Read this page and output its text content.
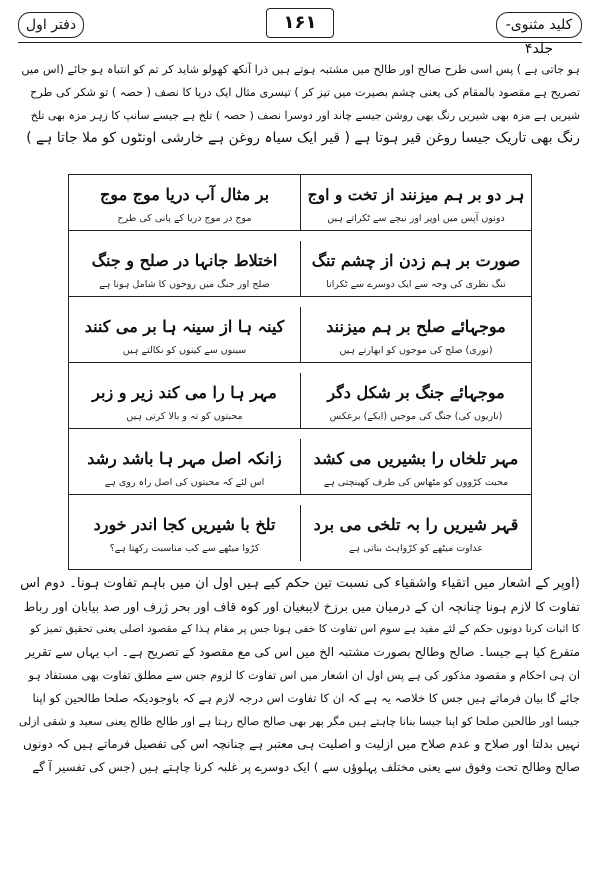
کلید مثنوی- جلد۴
۱۶۱
دفتر اول

ہو جاتی ہے ) پس اسی طرح صالح اور طالح میں مشتبہ ہوتے ہیں ذرا آنکھ کھولو شاید کر تم کو انتباہ ہو جائے (اس میں

تصریح ہے مقصود بالمقام کی یعنی چشم بصیرت میں تیز کر ) تیسری مثال ایک دریا کا نصف ( حصہ ) تو شکر کی طرح

شیریں ہے مزہ بھی شیریں رنگ بھی روشن جیسے چاند اور دوسرا نصف ( حصہ ) تلخ ہے جیسے سانپ کا زہر مزہ بھی تلخ

رنگ بھی تاریک جیسا روغن قیر ہوتا ہے ( قیر ایک سیاہ روغن ہے خارشی اونٹوں کو ملا جاتا ہے )

ہر دو بر ہم میزنند از تخت و اوج
دونوں آپس میں اوپر اور نیچے سے ٹکراتے ہیں
بر مثال آب دریا موج موج
موج در موج دریا کے پانی کی طرح
صورت بر ہم زدن از چشم تنگ
تنگ نظری کی وجہ سے ایک دوسرے سے ٹکرانا
اختلاط جانہا در صلح و جنگ
صلح اور جنگ میں روحوں کا شامل ہونا ہے
موجہائے صلح بر ہم میزنند
(نوری) صلح کی موجوں کو ابھارتے ہیں
کینہ ہا از سینہ ہا بر می کنند
سینوں سے کینوں کو نکالتے ہیں
موجہائے جنگ بر شکل دگر
(ناریوں کی) جنگ کی موجیں (ایکے) برعکس
مہر ہا را می کند زیر و زبر
محبتوں کو تہ و بالا کرتی ہیں
مہر تلخاں را بشیریں می کشد
محبت کڑووں کو مٹھاس کی طرف کھینچتی ہے
زانکہ اصل مہر ہا باشد رشد
اس لئے کہ محبتوں کی اصل راہ روی ہے
قہر شیریں را بہ تلخی می برد
عداوت میٹھے کو کڑواہٹ بناتی ہے
تلخ با شیریں کجا اندر خورد
کڑوا میٹھے سے کب مناسبت رکھتا ہے؟

(اوپر کے اشعار میں اتقیاء واشقیاء کی نسبت تین حکم کیے ہیں اول ان میں باہم تفاوت ہونا۔ دوم اس

تفاوت کا لازم ہونا چنانچہ ان کے درمیان میں برزخ لایبغیان اور کوہ قاف اور بحر ژرف اور صد بیابان اور رباط

کا اثبات کرنا دونوں حکم کے لئے مفید ہے سوم اس تفاوت کا خفی ہونا جس پر مقام ہذا کے مقصود اصلی یعنی تحقیق تمیز کو

متفرع کیا ہے جیسا۔ صالح وطالح بصورت مشتبہ الخ میں اس کی مع مقصود کے تصریح ہے۔ اب یہاں سے تقریر

ان ہی احکام و مقصود مذکور کی ہے پس اول ان اشعار میں اس تفاوت کا لزوم جس سے مطلق تفاوت بھی مستفاد ہو

جائے گا بیان فرماتے ہیں جس کا خلاصہ یہ ہے کہ ان کا تفاوت اس درجہ لازم ہے کہ باوجودیکہ صلحا طالحین کو اپنا

جیسا اور طالحین صلحا کو اپنا جیسا بنانا چاہتے ہیں مگر پھر بھی صالح صالح رہتا ہے اور طالح طالح یعنی سعید و شقی ازلی

نہیں بدلتا اور صلاح و عدم صلاح میں ازلیت و اصلیت ہی معتبر ہے چنانچہ اس کی تفصیل فرماتے ہیں کہ دونوں

صالح وطالح تحت وفوق سے یعنی مختلف پہلوؤں سے ) ایک دوسرے پر غلبہ کرنا چاہتے ہیں (جس کی تفسیر آ گے
